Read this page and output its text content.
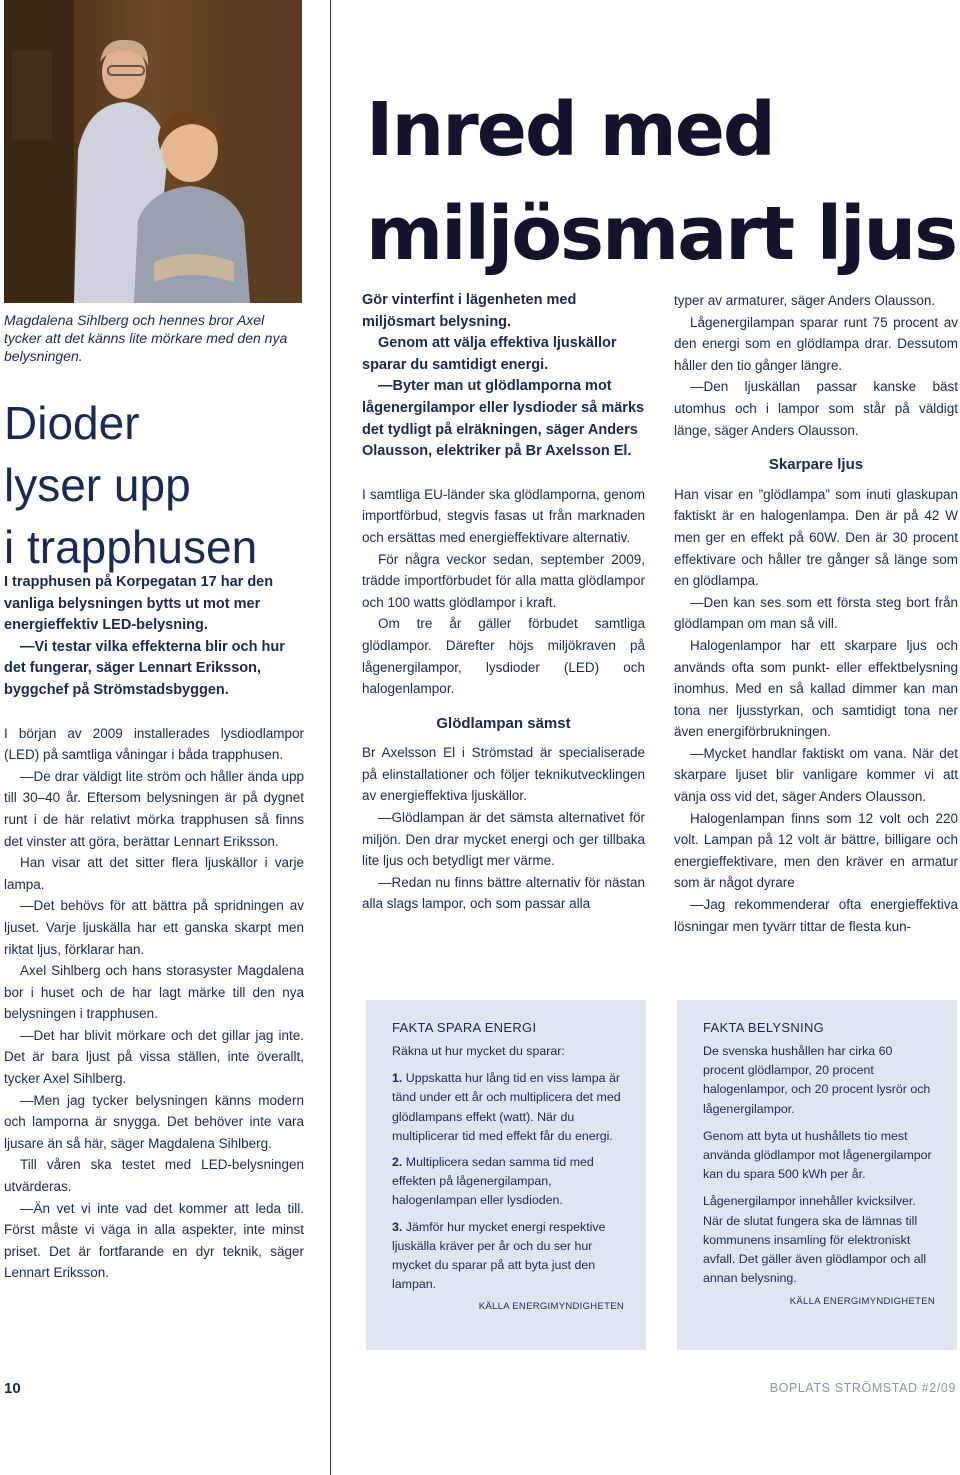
Magdalena Sihlberg och hennes bror Axel tycker att det känns lite mörkare med den nya belysningen.
Dioder
lyser upp
i trapphusen
I trapphusen på Korpegatan 17 har den vanliga belysningen bytts ut mot mer energieffektiv LED-belysning.
—Vi testar vilka effekterna blir och hur det fungerar, säger Lennart Eriksson, byggchef på Strömstadsbyggen.

I början av 2009 installerades lysdiodlampor (LED) på samtliga våningar i båda trapphusen.

—De drar väldigt lite ström och håller ända upp till 30–40 år. Eftersom belysningen är på dygnet runt i de här relativt mörka trapphusen så finns det vinster att göra, berättar Lennart Eriksson.

Han visar att det sitter flera ljuskällor i varje lampa.

—Det behövs för att bättra på spridningen av ljuset. Varje ljuskälla har ett ganska skarpt men riktat ljus, förklarar han.

Axel Sihlberg och hans storasyster Magdalena bor i huset och de har lagt märke till den nya belysningen i trapphusen.

—Det har blivit mörkare och det gillar jag inte. Det är bara ljust på vissa ställen, inte överallt, tycker Axel Sihlberg.

—Men jag tycker belysningen känns modern och lamporna är snygga. Det behöver inte vara ljusare än så här, säger Magdalena Sihlberg.

Till våren ska testet med LED-belysningen utvärderas.

—Än vet vi inte vad det kommer att leda till. Först måste vi väga in alla aspekter, inte minst priset. Det är fortfarande en dyr teknik, säger Lennart Eriksson.

Inred med
miljösmart ljus
Gör vinterfint i lägenheten med miljösmart belysning.
Genom att välja effektiva ljuskällor sparar du samtidigt energi.
—Byter man ut glödlamporna mot lågenergilampor eller lysdioder så märks det tydligt på elräkningen, säger Anders Olausson, elektriker på Br Axelsson El.

I samtliga EU-länder ska glödlamporna, genom importförbud, stegvis fasas ut från marknaden och ersättas med energieffektivare alternativ.

För några veckor sedan, september 2009, trädde importförbudet för alla matta glödlampor och 100 watts glödlampor i kraft.

Om tre år gäller förbudet samtliga glödlampor. Därefter höjs miljökraven på lågenergilampor, lysdioder (LED) och halogenlampor.

Glödlampan sämst

Br Axelsson El i Strömstad är specialiserade på elinstallationer och följer teknikutvecklingen av energieffektiva ljuskällor.

—Glödlampan är det sämsta alternativet för miljön. Den drar mycket energi och ger tillbaka lite ljus och betydligt mer värme.

—Redan nu finns bättre alternativ för nästan alla slags lampor, och som passar alla

typer av armaturer, säger Anders Olausson.

Lågenergilampan sparar runt 75 procent av den energi som en glödlampa drar. Dessutom håller den tio gånger längre.

—Den ljuskällan passar kanske bäst utomhus och i lampor som står på väldigt länge, säger Anders Olausson.

Skarpare ljus

Han visar en ”glödlampa” som inuti glaskupan faktiskt är en halogenlampa. Den är på 42 W men ger en effekt på 60W. Den är 30 procent effektivare och håller tre gånger så länge som en glödlampa.

—Den kan ses som ett första steg bort från glödlampan om man så vill.

Halogenlampor har ett skarpare ljus och används ofta som punkt- eller effektbelysning inomhus. Med en så kallad dimmer kan man tona ner ljusstyrkan, och samtidigt tona ner även energiförbrukningen.

—Mycket handlar faktiskt om vana. När det skarpare ljuset blir vanligare kommer vi att vänja oss vid det, säger Anders Olausson.

Halogenlampan finns som 12 volt och 220 volt. Lampan på 12 volt är bättre, billigare och energieffektivare, men den kräver en armatur som är något dyrare

—Jag rekommenderar ofta energieffektiva lösningar men tyvärr tittar de flesta kun-

FAKTA SPARA ENERGI

Räkna ut hur mycket du sparar:

1. Uppskatta hur lång tid en viss lampa är tänd under ett år och multiplicera det med glödlampans effekt (watt). När du multiplicerar tid med effekt får du energi.
2. Multiplicera sedan samma tid med effekten på lågenergilampan, halogenlampan eller lysdioden.
3. Jämför hur mycket energi respektive ljuskälla kräver per år och du ser hur mycket du sparar på att byta just den lampan.
KÄLLA ENERGIMYNDIGHETEN
FAKTA BELYSNING

De svenska hushållen har cirka 60 procent glödlampor, 20 procent halogenlampor, och 20 procent lysrör och lågenergilampor.

Genom att byta ut hushållets tio mest använda glödlampor mot lågenergilampor kan du spara 500 kWh per år.

Lågenergilampor innehåller kvicksilver. När de slutat fungera ska de lämnas till kommunens insamling för elektroniskt avfall. Det gäller även glödlampor och all annan belysning.

KÄLLA ENERGIMYNDIGHETEN
10	BOPLATS STRÖMSTAD #2/09
